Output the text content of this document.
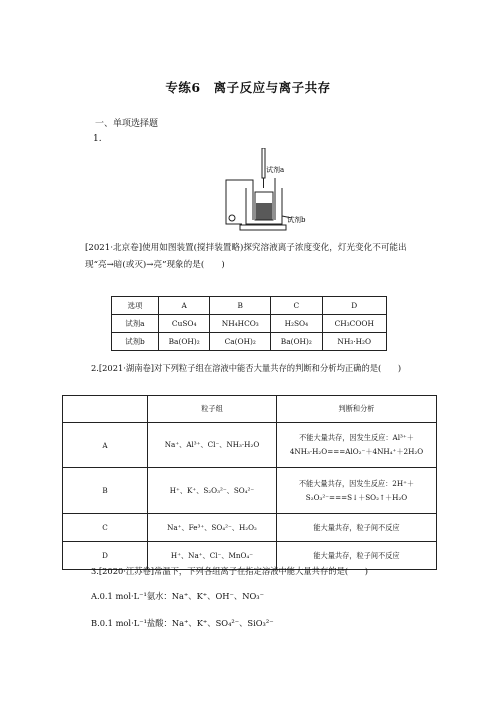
专练6　离子反应与离子共存
一、单项选择题
1.
试剂a
试剂b
[2021·北京卷]使用如图装置(搅拌装置略)探究溶液离子浓度变化，灯光变化不可能出
现“亮→暗(或灭)→亮”现象的是(　　)
选项	A	B	C	D
试剂a	CuSO₄	NH₄HCO₃	H₂SO₄	CH₃COOH
试剂b	Ba(OH)₂	Ca(OH)₂	Ba(OH)₂	NH₃·H₂O
2.[2021·湖南卷]对下列粒子组在溶液中能否大量共存的判断和分析均正确的是(　　)
	粒子组	判断和分析
A	Na⁺、Al³⁺、Cl⁻、NH₃·H₂O	不能大量共存，因发生反应：Al³⁺＋
4NH₃·H₂O===AlO₂⁻＋4NH₄⁺＋2H₂O

B	H⁺、K⁺、S₂O₃²⁻、SO₄²⁻	不能大量共存，因发生反应：2H⁺＋
S₂O₃²⁻===S↓＋SO₂↑＋H₂O

C	Na⁺、Fe³⁺、SO₄²⁻、H₂O₂	能大量共存，粒子间不反应
D	H⁺、Na⁺、Cl⁻、MnO₄⁻	能大量共存，粒子间不反应
3.[2020·江苏卷]常温下，下列各组离子在指定溶液中能大量共存的是(　　)
A.0.1 mol·L⁻¹氨水：Na⁺、K⁺、OH⁻、NO₃⁻
B.0.1 mol·L⁻¹盐酸：Na⁺、K⁺、SO₄²⁻、SiO₃²⁻
